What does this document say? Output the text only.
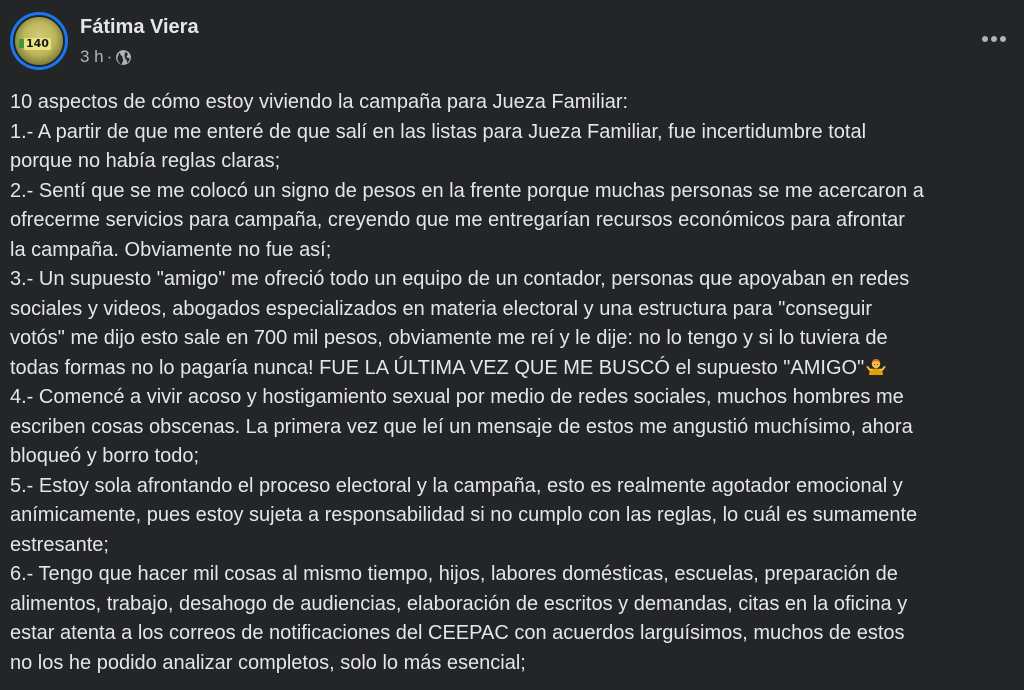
140
Fátima Viera
3 h ·
10 aspectos de cómo estoy viviendo la campaña para Jueza Familiar:
1.- A partir de que me enteré de que salí en las listas para Jueza Familiar, fue incertidumbre total
porque no había reglas claras;
2.- Sentí que se me colocó un signo de pesos en la frente porque muchas personas se me acercaron a
ofrecerme servicios para campaña, creyendo que me entregarían recursos económicos para afrontar
la campaña. Obviamente no fue así;
3.- Un supuesto "amigo" me ofreció todo un equipo de un contador, personas que apoyaban en redes
sociales y videos, abogados especializados en materia electoral y una estructura para "conseguir
votós" me dijo esto sale en 700 mil pesos, obviamente me reí y le dije: no lo tengo y si lo tuviera de
todas formas no lo pagaría nunca! FUE LA ÚLTIMA VEZ QUE ME BUSCÓ el supuesto "AMIGO"
4.- Comencé a vivir acoso y hostigamiento sexual por medio de redes sociales, muchos hombres me
escriben cosas obscenas. La primera vez que leí un mensaje de estos me angustió muchísimo, ahora
bloqueó y borro todo;
5.- Estoy sola afrontando el proceso electoral y la campaña, esto es realmente agotador emocional y
anímicamente, pues estoy sujeta a responsabilidad si no cumplo con las reglas, lo cuál es sumamente
estresante;
6.- Tengo que hacer mil cosas al mismo tiempo, hijos, labores domésticas, escuelas, preparación de
alimentos, trabajo, desahogo de audiencias, elaboración de escritos y demandas, citas en la oficina y
estar atenta a los correos de notificaciones del CEEPAC con acuerdos larguísimos, muchos de estos
no los he podido analizar completos, solo lo más esencial;
